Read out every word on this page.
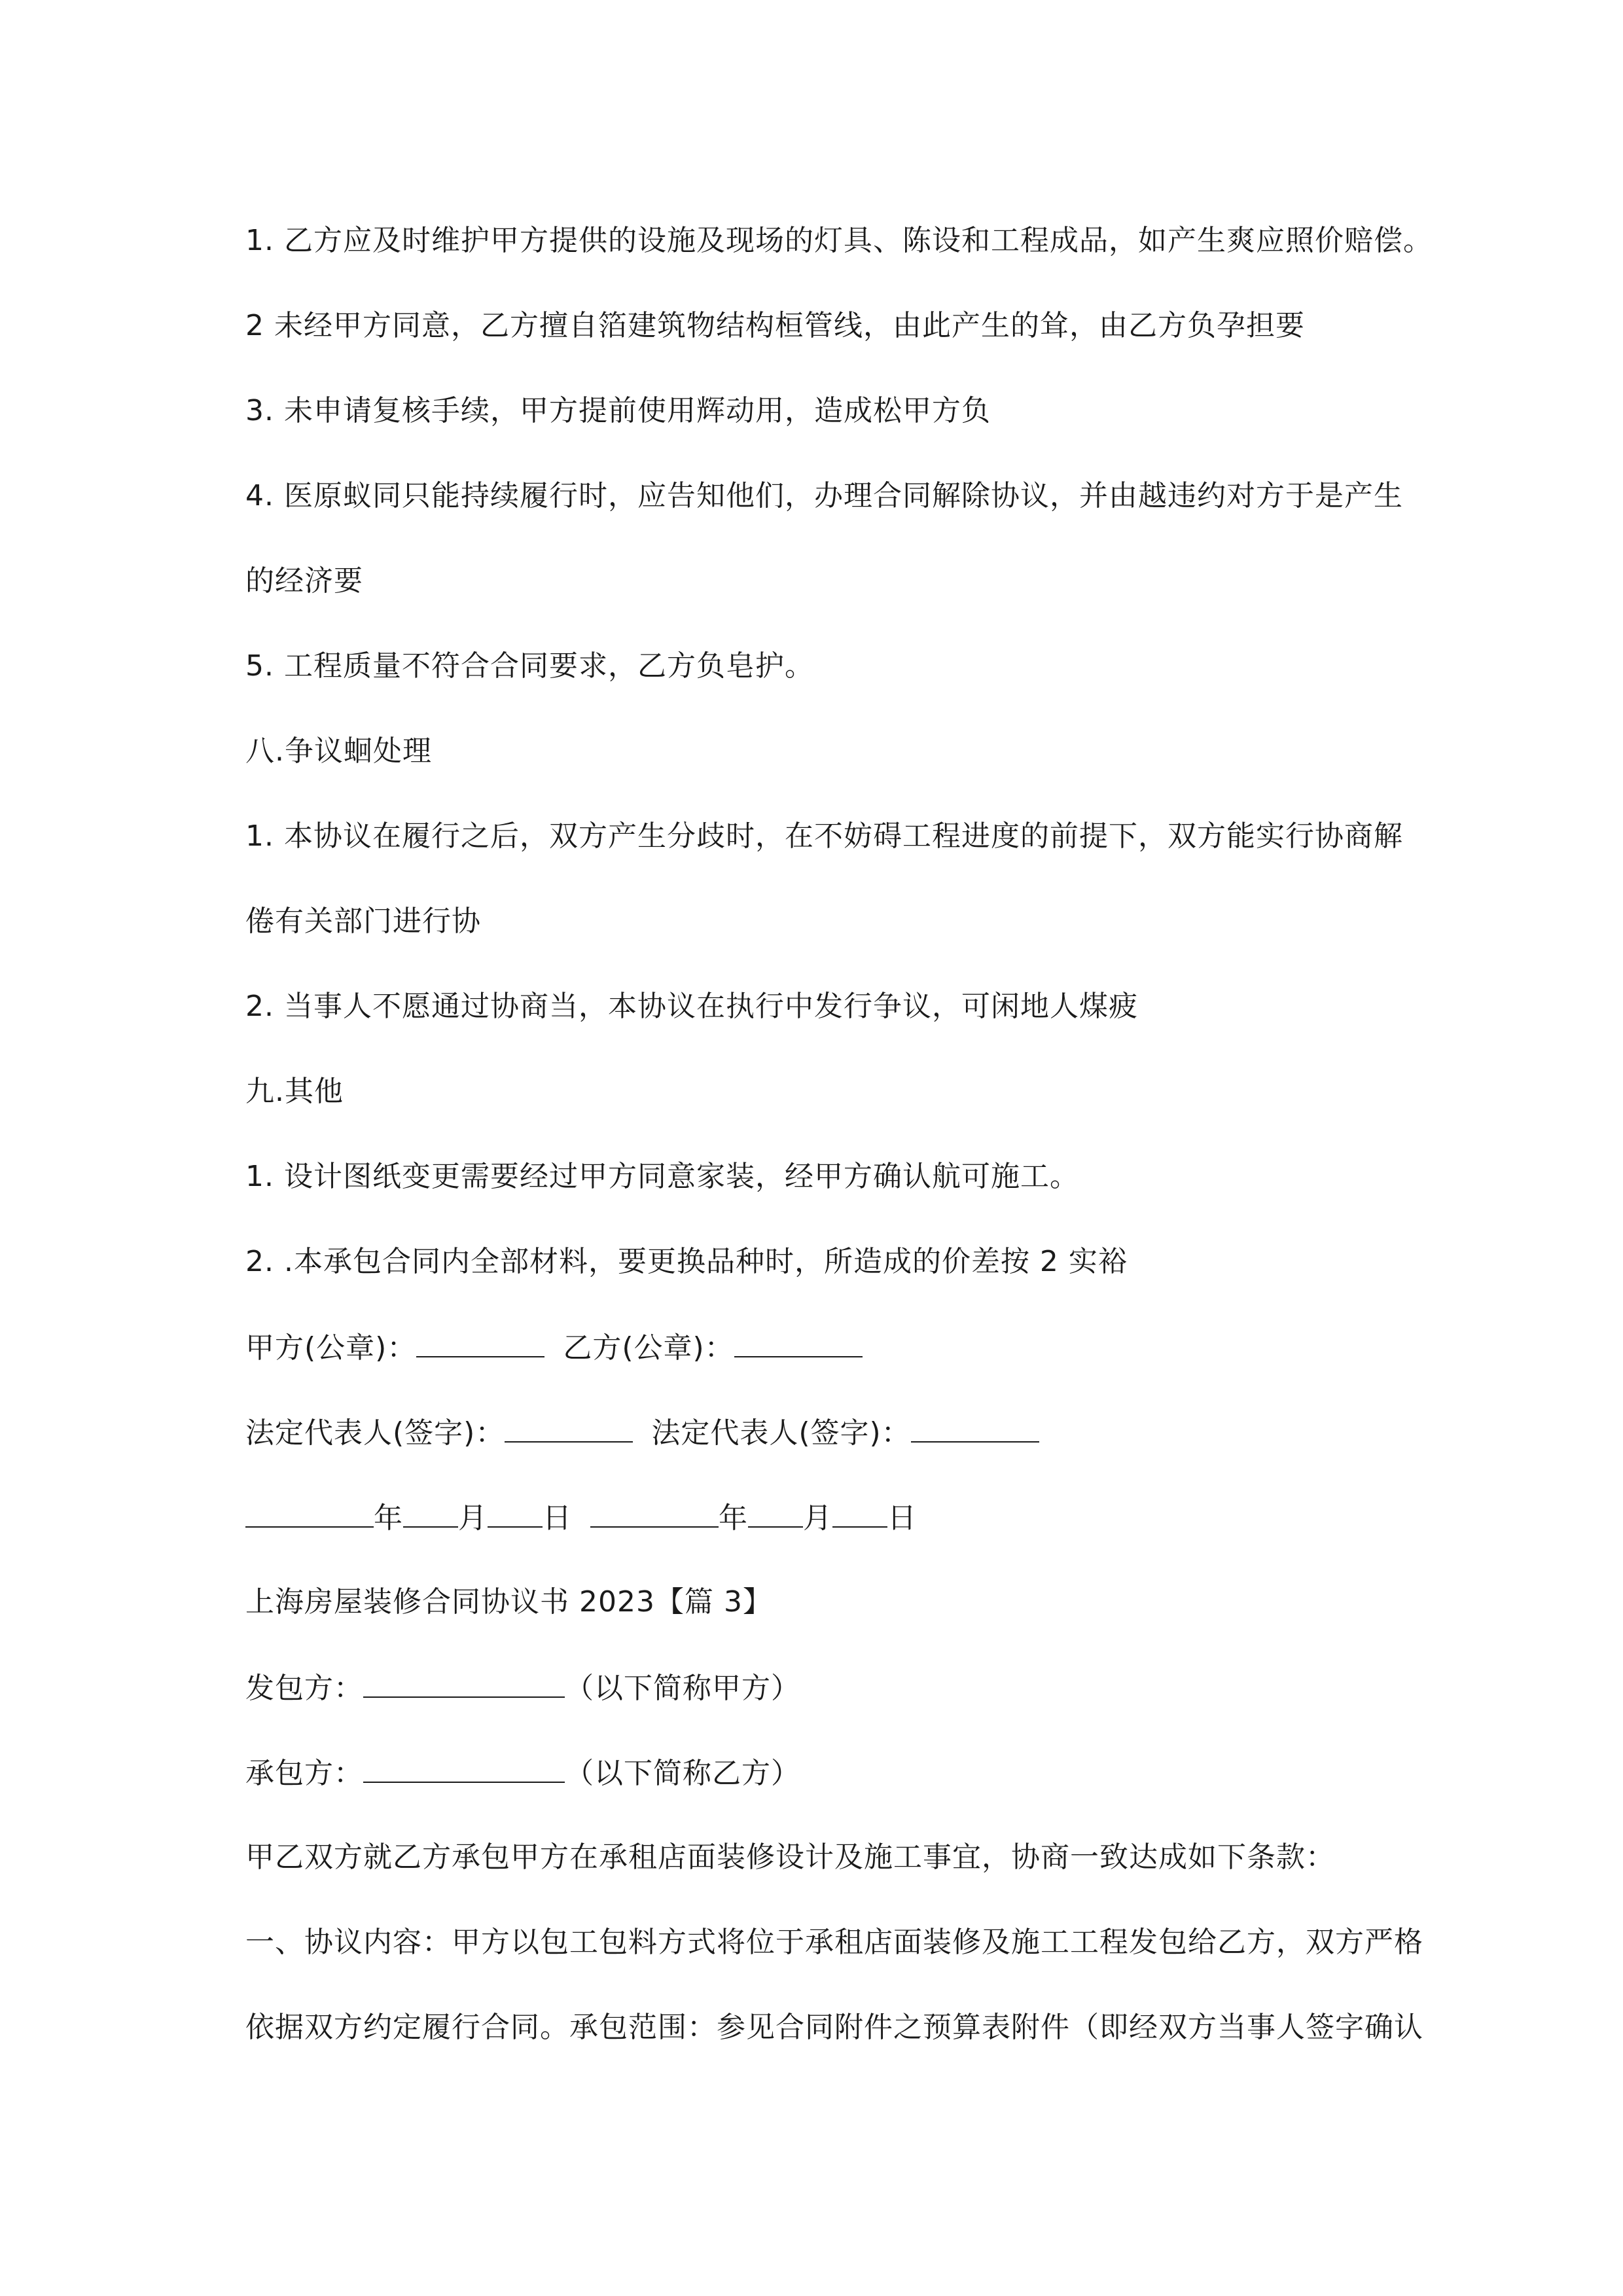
1. 乙方应及时维护甲方提供的设施及现场的灯具、陈设和工程成品，如产生爽应照价赔偿。
2 未经甲方同意，乙方擅自箔建筑物结构桓管线，由此产生的耸，由乙方负孕担要
3. 未申请复核手续，甲方提前使用辉动用，造成松甲方负
4. 医原蚁同只能持续履行时，应告知他们，办理合同解除协议，并由越违约对方于是产生
的经济要
5. 工程质量不符合合同要求，乙方负皂护。
八.争议蛔处理
1. 本协议在履行之后，双方产生分歧时，在不妨碍工程进度的前提下，双方能实行协商解
倦有关部门进行协
2. 当事人不愿通过协商当，本协议在执行中发行争议，可闲地人煤疲
九.其他
1. 设计图纸变更需要经过甲方同意家装，经甲方确认航可施工。
2. .本承包合同内全部材料，要更换品种时，所造成的价差按 2 实裕
甲方(公章)：	乙方(公章)：
法定代表人(签字)：	法定代表人(签字)：
年 月 日	年 月 日
上海房屋装修合同协议书 2023【篇 3】
发包方：	（以下简称甲方）
承包方：	（以下简称乙方）
甲乙双方就乙方承包甲方在承租店面装修设计及施工事宜，协商一致达成如下条款：
一、协议内容：甲方以包工包料方式将位于承租店面装修及施工工程发包给乙方，双方严格
依据双方约定履行合同。承包范围：参见合同附件之预算表附件（即经双方当事人签字确认
